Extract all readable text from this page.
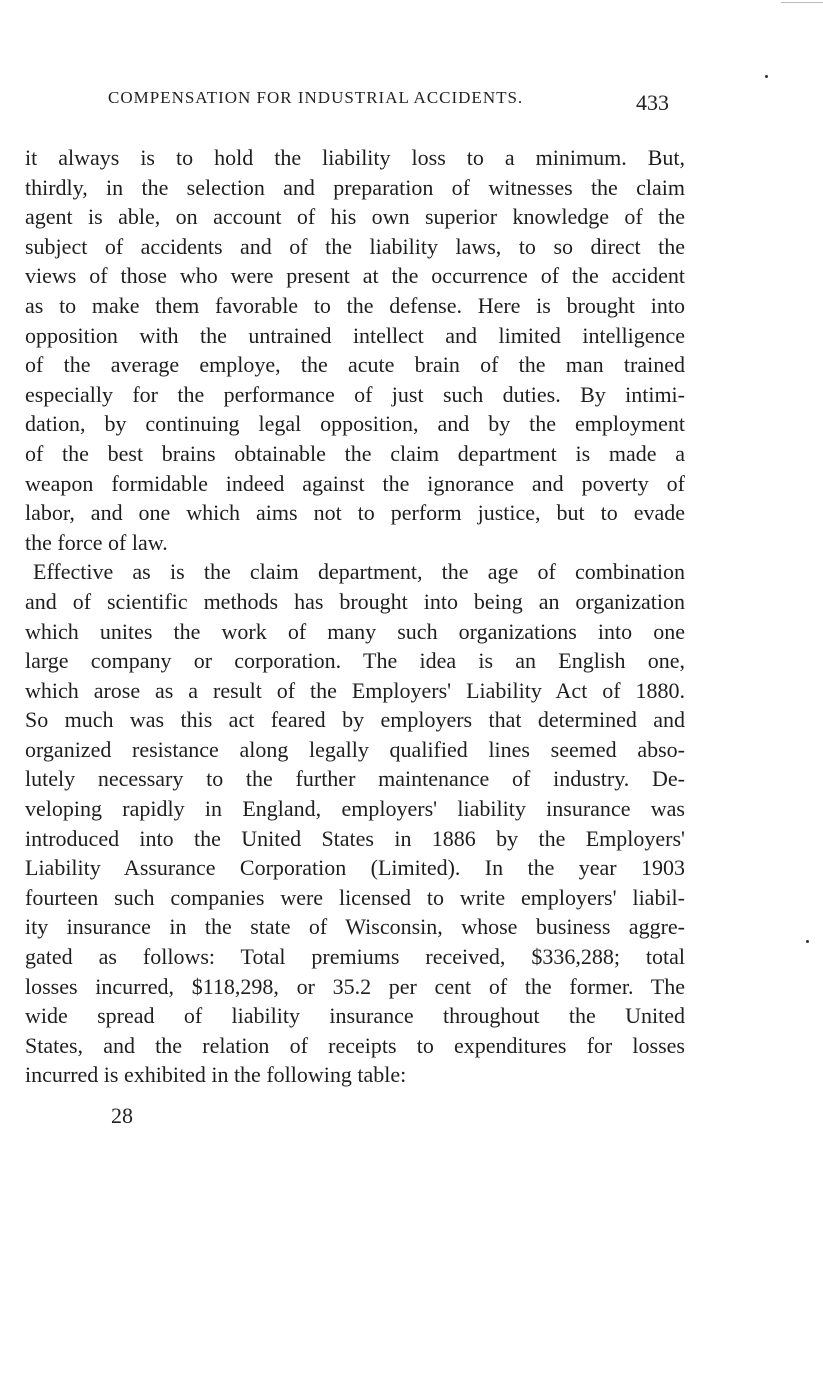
COMPENSATION FOR INDUSTRIAL ACCIDENTS.	433
it always is to hold the liability loss to a minimum. But,
thirdly, in the selection and preparation of witnesses the claim
agent is able, on account of his own superior knowledge of the
subject of accidents and of the liability laws, to so direct the
views of those who were present at the occurrence of the accident
as to make them favorable to the defense. Here is brought into
opposition with the untrained intellect and limited intelligence
of the average employe, the acute brain of the man trained
especially for the performance of just such duties. By intimi-
dation, by continuing legal opposition, and by the employment
of the best brains obtainable the claim department is made a
weapon formidable indeed against the ignorance and poverty of
labor, and one which aims not to perform justice, but to evade
the force of law.
Effective as is the claim department, the age of combination
and of scientific methods has brought into being an organization
which unites the work of many such organizations into one
large company or corporation. The idea is an English one,
which arose as a result of the Employers' Liability Act of 1880.
So much was this act feared by employers that determined and
organized resistance along legally qualified lines seemed abso-
lutely necessary to the further maintenance of industry. De-
veloping rapidly in England, employers' liability insurance was
introduced into the United States in 1886 by the Employers'
Liability Assurance Corporation (Limited). In the year 1903
fourteen such companies were licensed to write employers' liabil-
ity insurance in the state of Wisconsin, whose business aggre-
gated as follows: Total premiums received, $336,288; total
losses incurred, $118,298, or 35.2 per cent of the former. The
wide spread of liability insurance throughout the United
States, and the relation of receipts to expenditures for losses
incurred is exhibited in the following table:
28
